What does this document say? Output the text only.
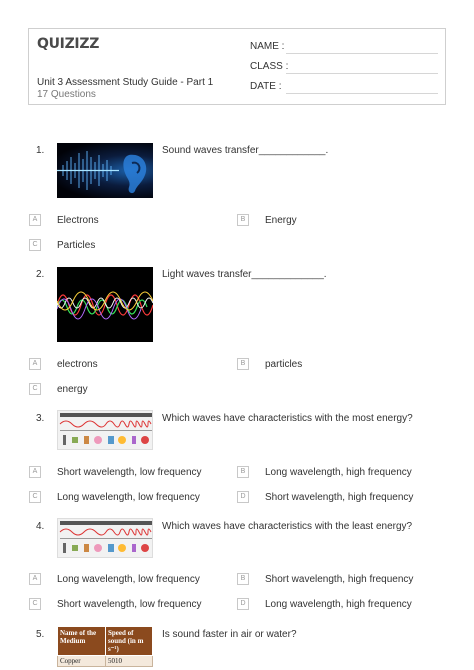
QUIZIZZ
Unit 3 Assessment Study Guide - Part 1
17 Questions
NAME :
CLASS :
DATE :
1.	Sound waves transfer____________.
A	Electrons	B	Energy
C	Particles
2.	Light waves transfer_____________.
A	electrons	B	particles
C	energy
3.	Which waves have characteristics with the most energy?
A	Short wavelength, low frequency	B	Long wavelength, high frequency
C	Long wavelength, low frequency	D	Short wavelength, high frequency
4.	Which waves have characteristics with the least energy?
A	Long wavelength, low frequency	B	Short wavelength, high frequency
C	Short wavelength, low frequency	D	Long wavelength, high frequency
5. Name of the Medium	Speed of sound (in m s⁻¹)
Copper	5010
Is sound faster in air or water?
